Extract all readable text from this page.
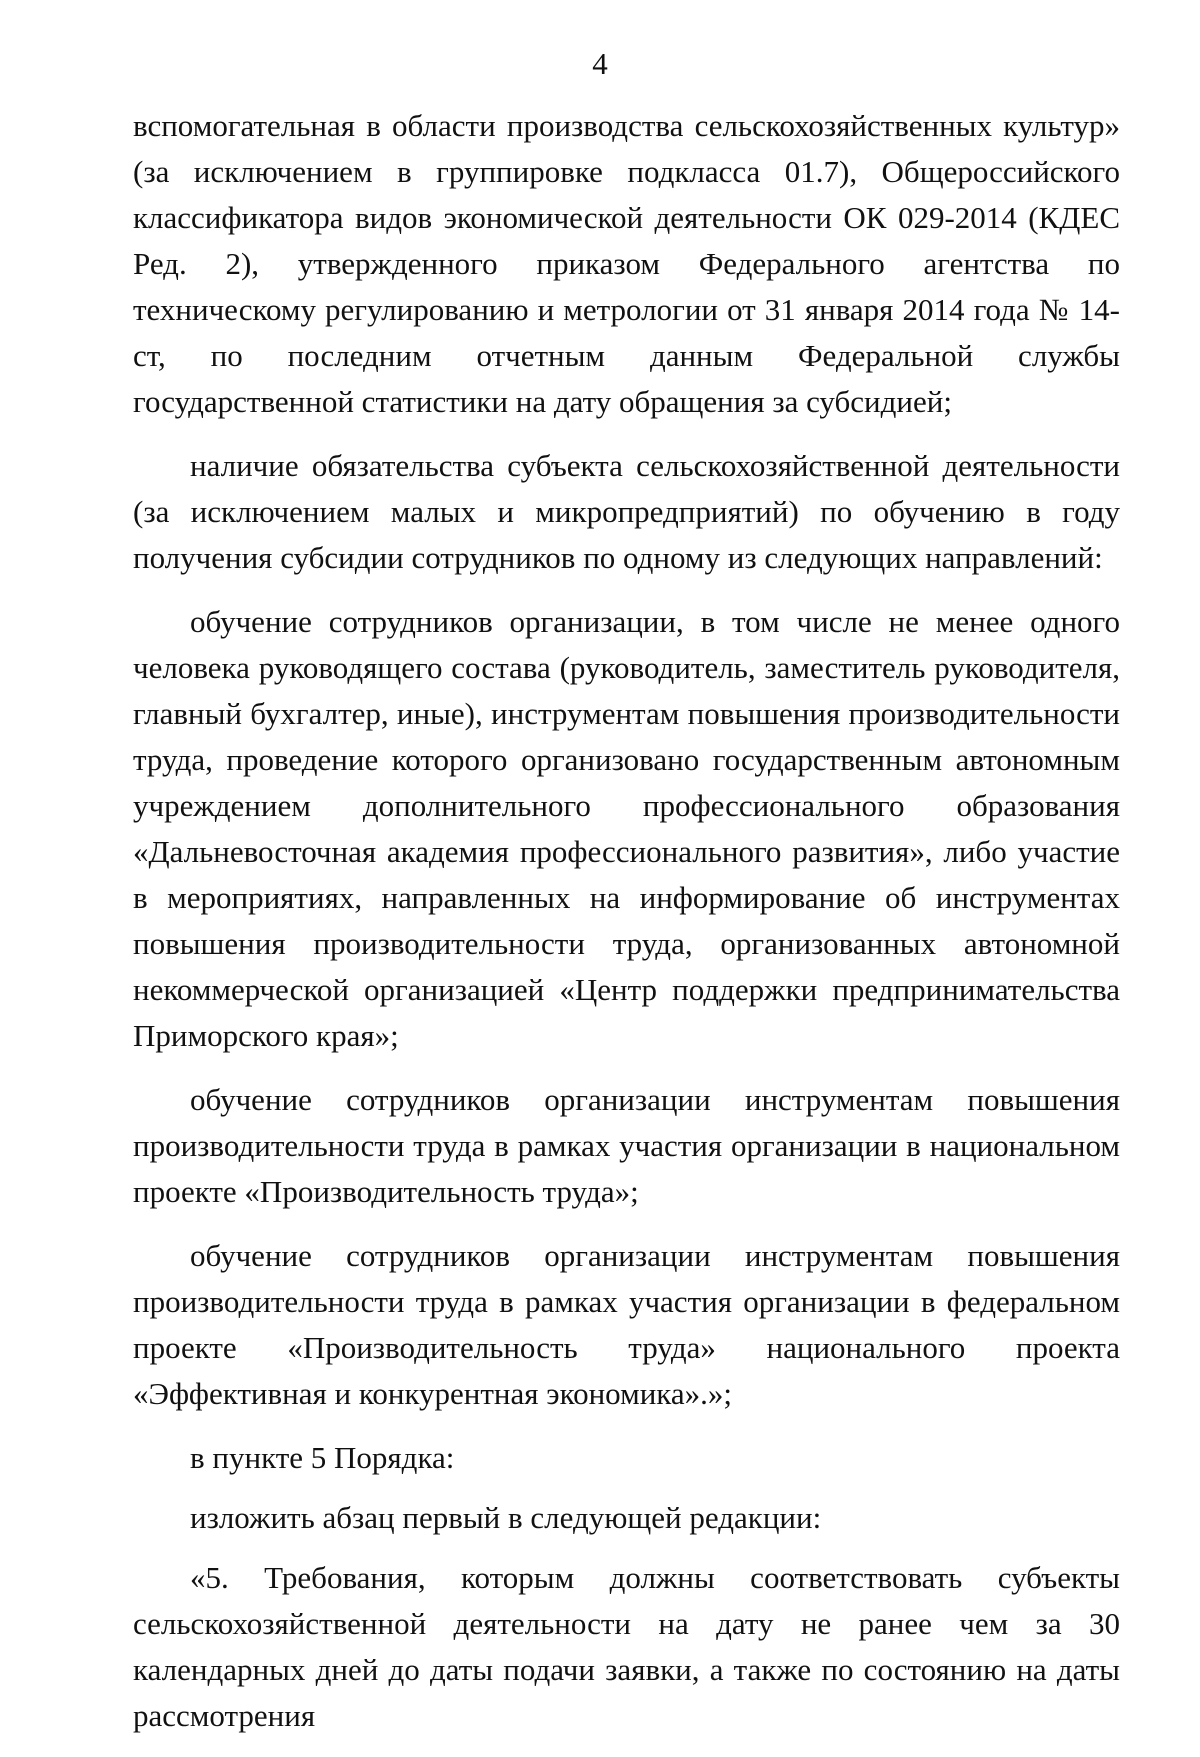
4

вспомогательная в области производства сельскохозяйственных культур» (за исключением в группировке подкласса 01.7), Общероссийского классификатора видов экономической деятельности ОК 029-2014 (КДЕС Ред. 2), утвержденного приказом Федерального агентства по техническому регулированию и метрологии от 31 января 2014 года № 14-ст, по последним отчетным данным Федеральной службы государственной статистики на дату обращения за субсидией;

наличие обязательства субъекта сельскохозяйственной деятельности (за исключением малых и микропредприятий) по обучению в году получения субсидии сотрудников по одному из следующих направлений:

обучение сотрудников организации, в том числе не менее одного человека руководящего состава (руководитель, заместитель руководителя, главный бухгалтер, иные), инструментам повышения производительности труда, проведение которого организовано государственным автономным учреждением дополнительного профессионального образования «Дальневосточная академия профессионального развития», либо участие в мероприятиях, направленных на информирование об инструментах повышения производительности труда, организованных автономной некоммерческой организацией «Центр поддержки предпринимательства Приморского края»;

обучение сотрудников организации инструментам повышения производительности труда в рамках участия организации в национальном проекте «Производительность труда»;

обучение сотрудников организации инструментам повышения производительности труда в рамках участия организации в федеральном проекте «Производительность труда» национального проекта «Эффективная и конкурентная экономика».»;

в пункте 5 Порядка:

изложить абзац первый в следующей редакции:

«5. Требования, которым должны соответствовать субъекты сельскохозяйственной деятельности на дату не ранее чем за 30 календарных дней до даты подачи заявки, а также по состоянию на даты рассмотрения
